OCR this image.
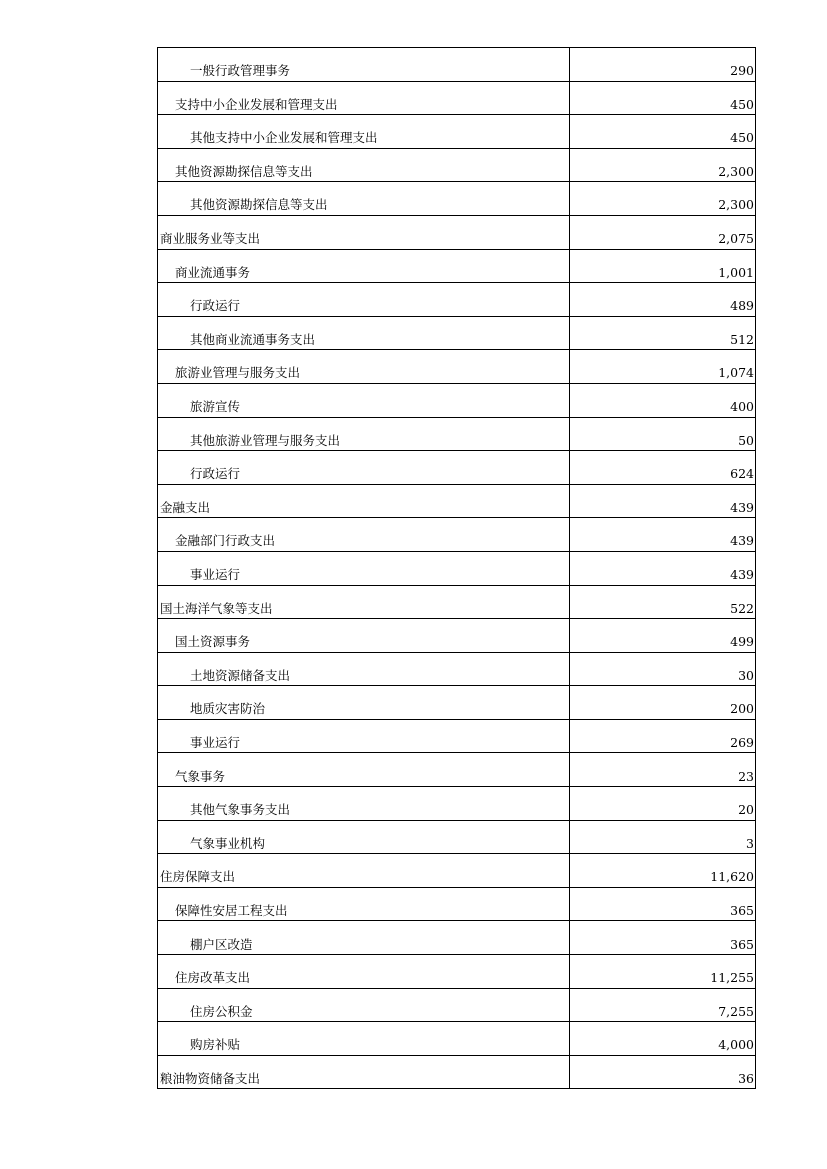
一般行政管理事务	290
支持中小企业发展和管理支出	450
其他支持中小企业发展和管理支出	450
其他资源勘探信息等支出	2,300
其他资源勘探信息等支出	2,300
商业服务业等支出	2,075
商业流通事务	1,001
行政运行	489
其他商业流通事务支出	512
旅游业管理与服务支出	1,074
旅游宣传	400
其他旅游业管理与服务支出	50
行政运行	624
金融支出	439
金融部门行政支出	439
事业运行	439
国土海洋气象等支出	522
国土资源事务	499
土地资源储备支出	30
地质灾害防治	200
事业运行	269
气象事务	23
其他气象事务支出	20
气象事业机构	3
住房保障支出	11,620
保障性安居工程支出	365
棚户区改造	365
住房改革支出	11,255
住房公积金	7,255
购房补贴	4,000
粮油物资储备支出	36
